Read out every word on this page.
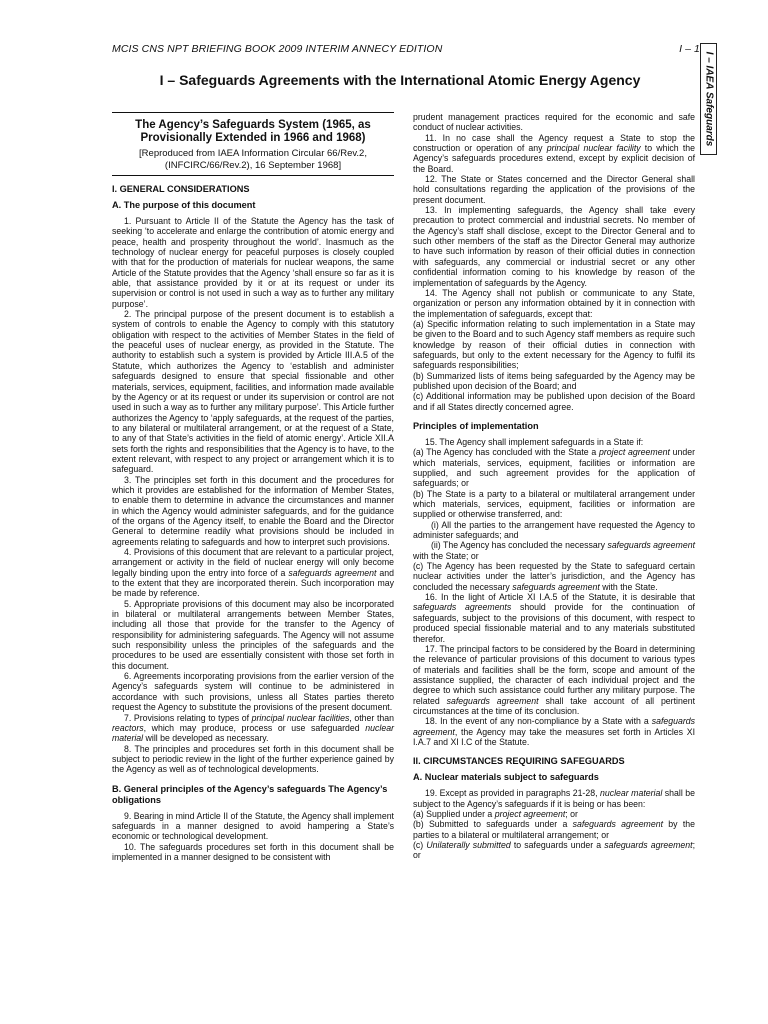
MCIS CNS NPT BRIEFING BOOK 2009 INTERIM ANNECY EDITION	I – 1
I – IAEA Safeguards
I – Safeguards Agreements with the International Atomic Energy Agency
The Agency’s Safeguards System (1965, as Provisionally Extended in 1966 and 1968)
[Reproduced from IAEA Information Circular 66/Rev.2, (INFCIRC/66/Rev.2), 16 September 1968]
I. GENERAL CONSIDERATIONS
A. The purpose of this document

1. Pursuant to Article II of the Statute the Agency has the task of seeking ‘to accelerate and enlarge the contribution of atomic energy and peace, health and prosperity throughout the world’. Inasmuch as the technology of nuclear energy for peaceful purposes is closely coupled with that for the production of materials for nuclear weapons, the same Article of the Statute provides that the Agency ‘shall ensure so far as it is able, that assistance provided by it or at its request or under its supervision or control is not used in such a way as to further any military purpose’.

2. The principal purpose of the present document is to establish a system of controls to enable the Agency to comply with this statutory obligation with respect to the activities of Member States in the field of the peaceful uses of nuclear energy, as provided in the Statute. The authority to establish such a system is provided by Article III.A.5 of the Statute, which authorizes the Agency to ‘establish and administer safeguards designed to ensure that special fissionable and other materials, services, equipment, facilities, and information made available by the Agency or at its request or under its supervision or control are not used in such a way as to further any military purpose’. This Article further authorizes the Agency to ‘apply safeguards, at the request of the parties, to any bilateral or multilateral arrangement, or at the request of a State, to any of that State’s activities in the field of atomic energy’. Article XII.A sets forth the rights and responsibilities that the Agency is to have, to the extent relevant, with respect to any project or arrangement which it is to safeguard.

3. The principles set forth in this document and the procedures for which it provides are established for the information of Member States, to enable them to determine in advance the circumstances and manner in which the Agency would administer safeguards, and for the guidance of the organs of the Agency itself, to enable the Board and the Director General to determine readily what provisions should be included in agreements relating to safeguards and how to interpret such provisions.

4. Provisions of this document that are relevant to a particular project, arrangement or activity in the field of nuclear energy will only become legally binding upon the entry into force of a safeguards agreement and to the extent that they are incorporated therein. Such incorporation may be made by reference.

5. Appropriate provisions of this document may also be incorporated in bilateral or multilateral arrangements between Member States, including all those that provide for the transfer to the Agency of responsibility for administering safeguards. The Agency will not assume such responsibility unless the principles of the safeguards and the procedures to be used are essentially consistent with those set forth in this document.

6. Agreements incorporating provisions from the earlier version of the Agency’s safeguards system will continue to be administered in accordance with such provisions, unless all States parties thereto request the Agency to substitute the provisions of the present document.

7. Provisions relating to types of principal nuclear facilities, other than reactors, which may produce, process or use safeguarded nuclear material will be developed as necessary.

8. The principles and procedures set forth in this document shall be subject to periodic review in the light of the further experience gained by the Agency as well as of technological developments.

B. General principles of the Agency’s safeguards The Agency’s obligations

9. Bearing in mind Article II of the Statute, the Agency shall implement safeguards in a manner designed to avoid hampering a State’s economic or technological development.

10. The safeguards procedures set forth in this document shall be implemented in a manner designed to be consistent with

prudent management practices required for the economic and safe conduct of nuclear activities.

11. In no case shall the Agency request a State to stop the construction or operation of any principal nuclear facility to which the Agency’s safeguards procedures extend, except by explicit decision of the Board.

12. The State or States concerned and the Director General shall hold consultations regarding the application of the provisions of the present document.

13. In implementing safeguards, the Agency shall take every precaution to protect commercial and industrial secrets. No member of the Agency’s staff shall disclose, except to the Director General and to such other members of the staff as the Director General may authorize to have such information by reason of their official duties in connection with safeguards, any commercial or industrial secret or any other confidential information coming to his knowledge by reason of the implementation of safeguards by the Agency.

14. The Agency shall not publish or communicate to any State, organization or person any information obtained by it in connection with the implementation of safeguards, except that:

(a) Specific information relating to such implementation in a State may be given to the Board and to such Agency staff members as require such knowledge by reason of their official duties in connection with safeguards, but only to the extent necessary for the Agency to fulfil its safeguards responsibilities;

(b) Summarized lists of items being safeguarded by the Agency may be published upon decision of the Board; and

(c) Additional information may be published upon decision of the Board and if all States directly concerned agree.

Principles of implementation

15. The Agency shall implement safeguards in a State if:

(a) The Agency has concluded with the State a project agreement under which materials, services, equipment, facilities or information are supplied, and such agreement provides for the application of safeguards; or

(b) The State is a party to a bilateral or multilateral arrangement under which materials, services, equipment, facilities or information are supplied or otherwise transferred, and:

(i) All the parties to the arrangement have requested the Agency to administer safeguards; and

(ii) The Agency has concluded the necessary safeguards agreement with the State; or

(c) The Agency has been requested by the State to safeguard certain nuclear activities under the latter’s jurisdiction, and the Agency has concluded the necessary safeguards agreement with the State.

16. In the light of Article XI I.A.5 of the Statute, it is desirable that safeguards agreements should provide for the continuation of safeguards, subject to the provisions of this document, with respect to produced special fissionable material and to any materials substituted therefor.

17. The principal factors to be considered by the Board in determining the relevance of particular provisions of this document to various types of materials and facilities shall be the form, scope and amount of the assistance supplied, the character of each individual project and the degree to which such assistance could further any military purpose. The related safeguards agreement shall take account of all pertinent circumstances at the time of its conclusion.

18. In the event of any non-compliance by a State with a safeguards agreement, the Agency may take the measures set forth in Articles XI I.A.7 and XI I.C of the Statute.

II. CIRCUMSTANCES REQUIRING SAFEGUARDS
A. Nuclear materials subject to safeguards

19. Except as provided in paragraphs 21-28, nuclear material shall be subject to the Agency’s safeguards if it is being or has been:

(a) Supplied under a project agreement; or

(b) Submitted to safeguards under a safeguards agreement by the parties to a bilateral or multilateral arrangement; or

(c) Unilaterally submitted to safeguards under a safeguards agreement; or
